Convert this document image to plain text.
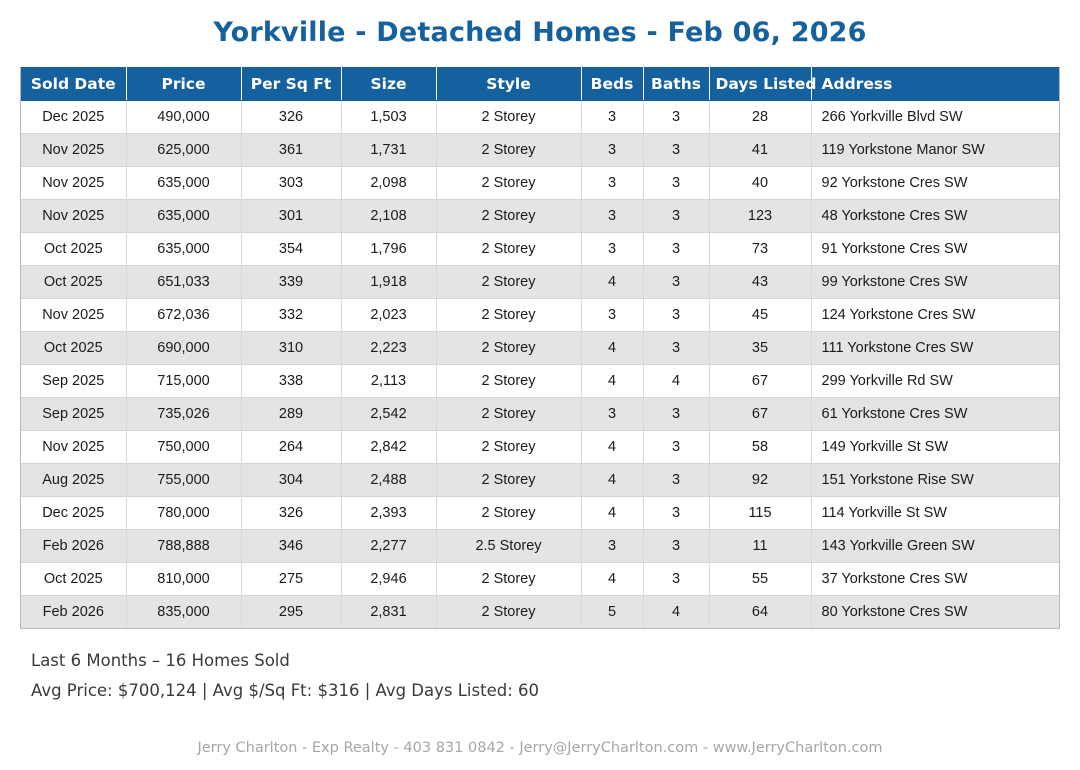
Yorkville - Detached Homes - Feb 06, 2026
Sold Date	Price	Per Sq Ft	Size	Style	Beds	Baths	Days Listed	Address
Dec 2025	490,000	326	1,503	2 Storey	3	3	28	266 Yorkville Blvd SW
Nov 2025	625,000	361	1,731	2 Storey	3	3	41	119 Yorkstone Manor SW
Nov 2025	635,000	303	2,098	2 Storey	3	3	40	92 Yorkstone Cres SW
Nov 2025	635,000	301	2,108	2 Storey	3	3	123	48 Yorkstone Cres SW
Oct 2025	635,000	354	1,796	2 Storey	3	3	73	91 Yorkstone Cres SW
Oct 2025	651,033	339	1,918	2 Storey	4	3	43	99 Yorkstone Cres SW
Nov 2025	672,036	332	2,023	2 Storey	3	3	45	124 Yorkstone Cres SW
Oct 2025	690,000	310	2,223	2 Storey	4	3	35	111 Yorkstone Cres SW
Sep 2025	715,000	338	2,113	2 Storey	4	4	67	299 Yorkville Rd SW
Sep 2025	735,026	289	2,542	2 Storey	3	3	67	61 Yorkstone Cres SW
Nov 2025	750,000	264	2,842	2 Storey	4	3	58	149 Yorkville St SW
Aug 2025	755,000	304	2,488	2 Storey	4	3	92	151 Yorkstone Rise SW
Dec 2025	780,000	326	2,393	2 Storey	4	3	115	114 Yorkville St SW
Feb 2026	788,888	346	2,277	2.5 Storey	3	3	11	143 Yorkville Green SW
Oct 2025	810,000	275	2,946	2 Storey	4	3	55	37 Yorkstone Cres SW
Feb 2026	835,000	295	2,831	2 Storey	5	4	64	80 Yorkstone Cres SW
Last 6 Months – 16 Homes Sold
Avg Price: $700,124 | Avg $/Sq Ft: $316 | Avg Days Listed: 60
Jerry Charlton - Exp Realty - 403 831 0842 - Jerry@JerryCharlton.com - www.JerryCharlton.com
